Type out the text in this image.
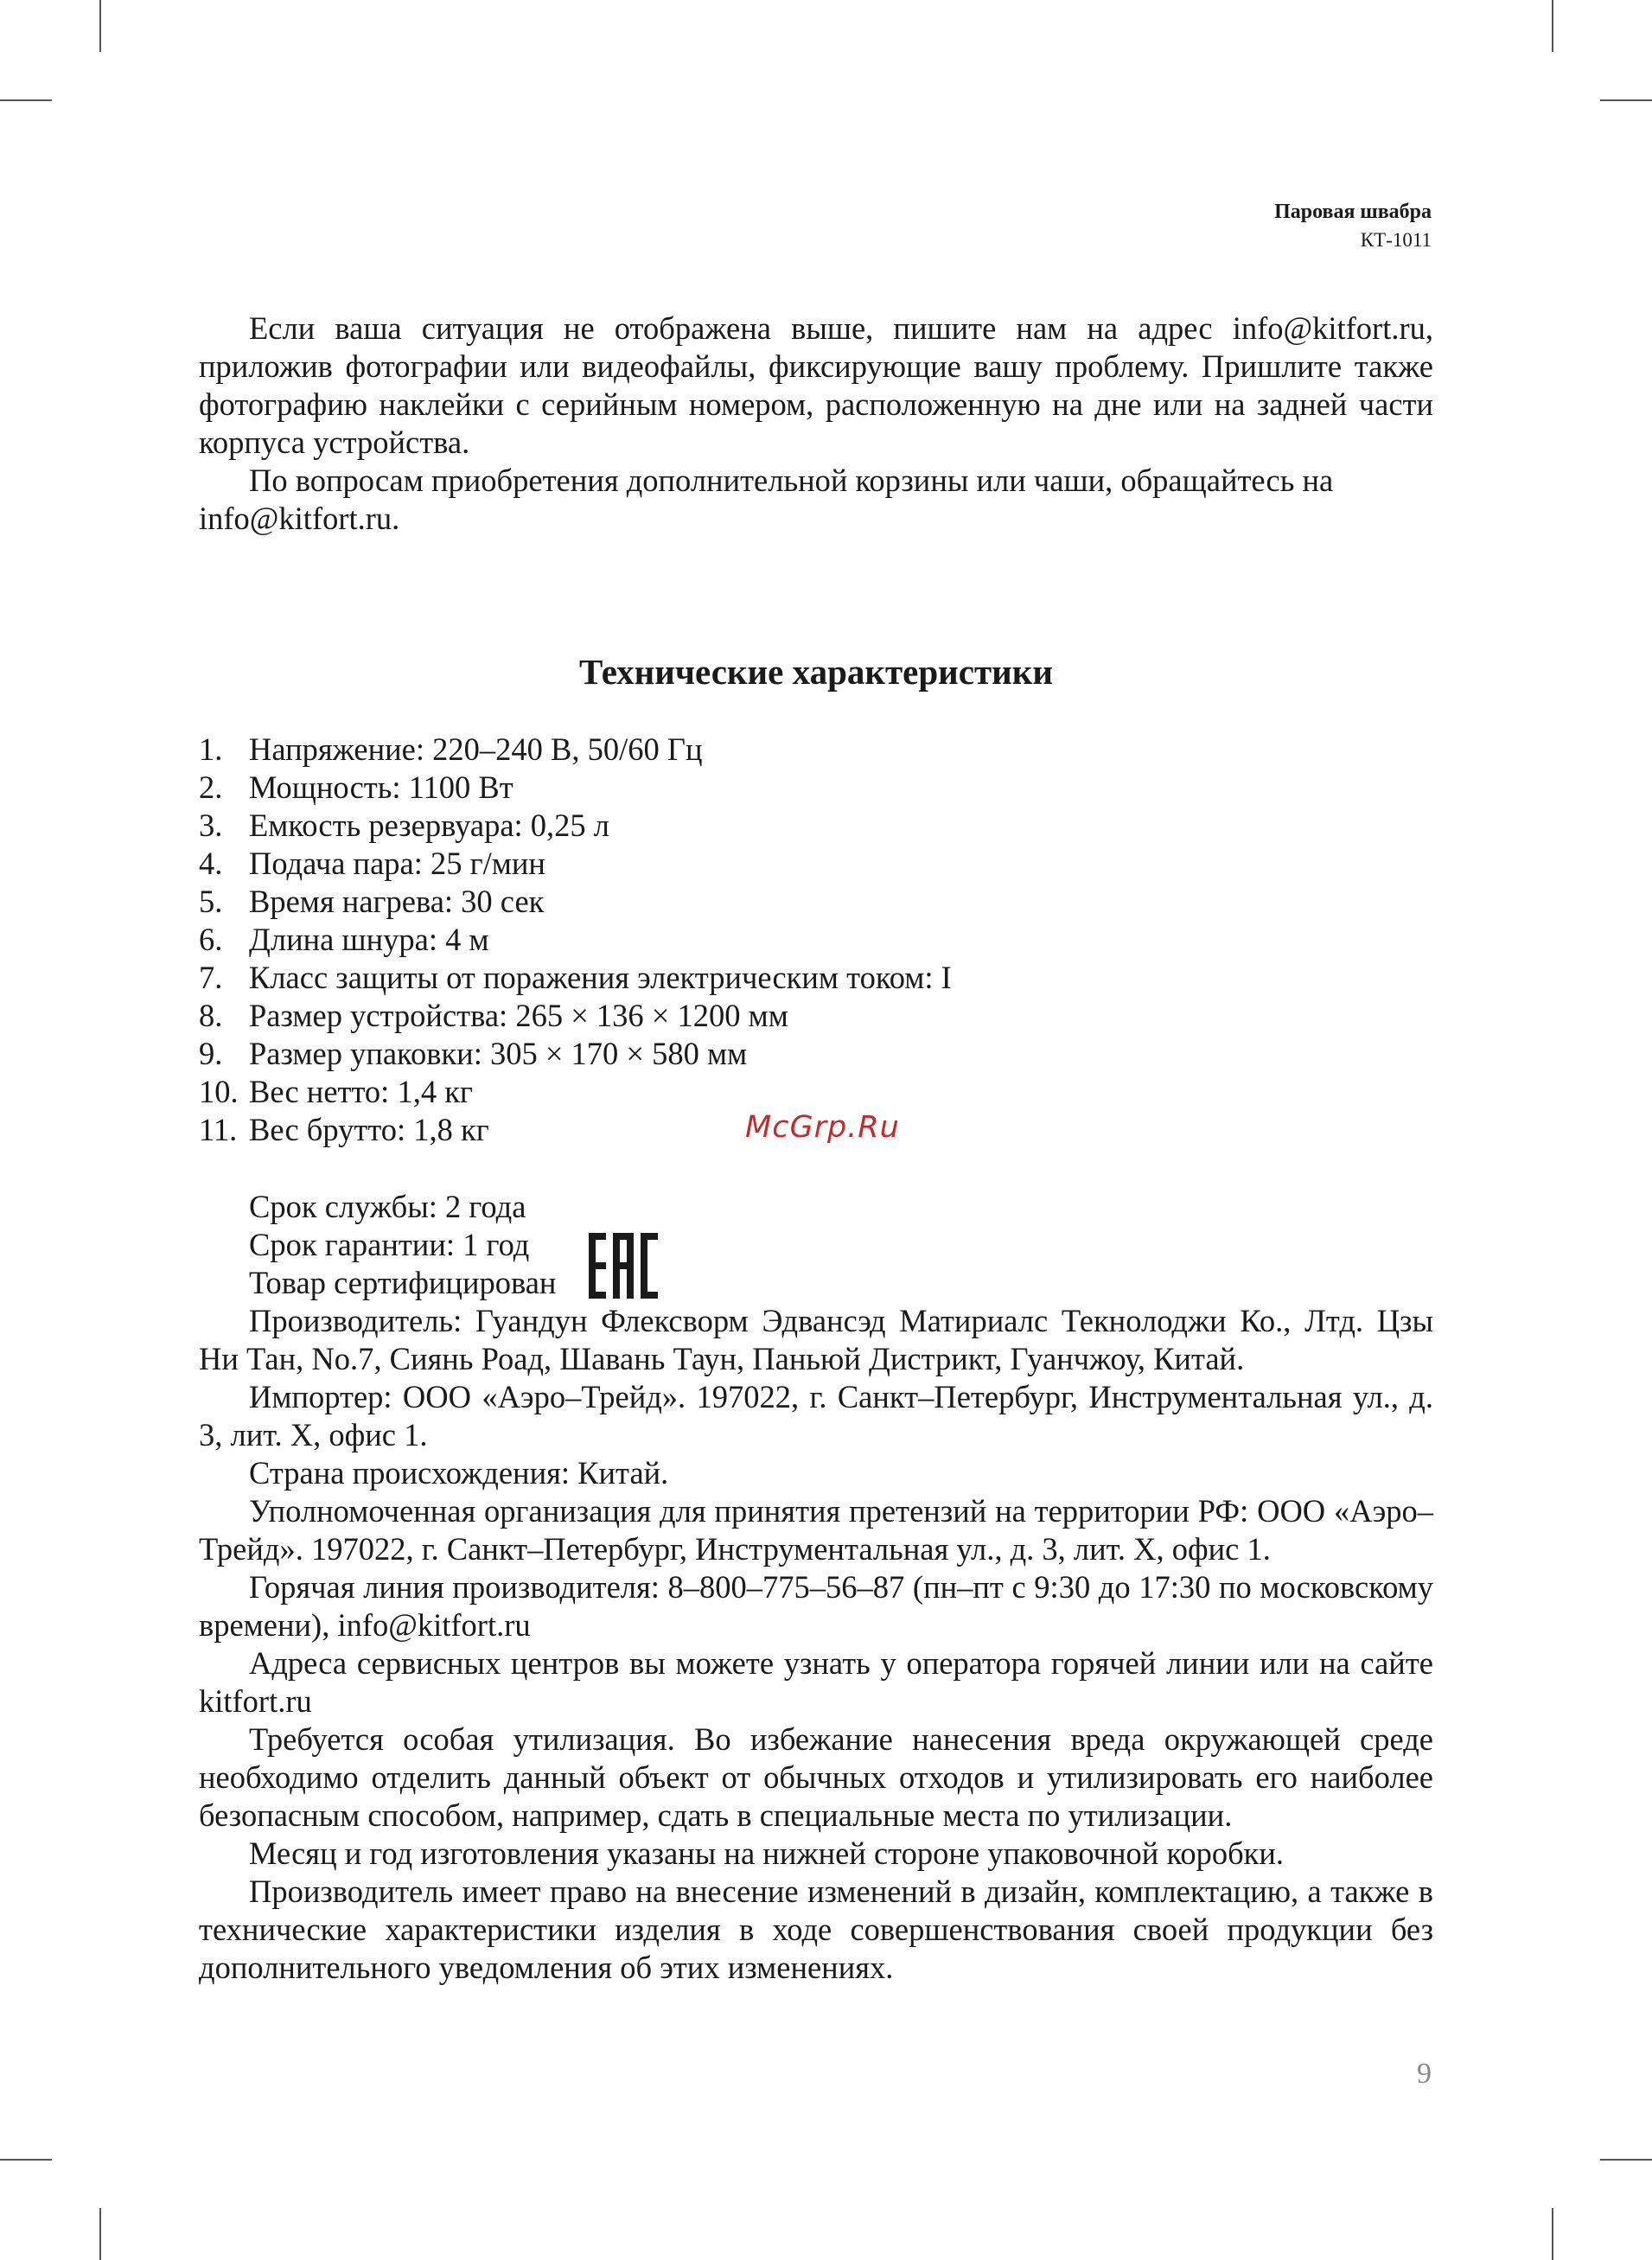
Паровая швабра
КТ-1011

Если ваша ситуация не отображена выше, пишите нам на адрес info@kitfort.ru, приложив фотографии или видеофайлы, фиксирующие вашу проблему. Пришлите также фотографию наклейки с серийным номером, расположенную на дне или на задней части корпуса устройства.

По вопросам приобретения дополнительной корзины или чаши, обращайтесь на info@kitfort.ru.

Технические характеристики
1. Напряжение: 220–240 В, 50/60 Гц
2. Мощность: 1100 Вт
3. Емкость резервуара: 0,25 л
4. Подача пара: 25 г/мин
5. Время нагрева: 30 сек
6. Длина шнура: 4 м
7. Класс защиты от поражения электрическим током: I
8. Размер устройства: 265 × 136 × 1200 мм
9. Размер упаковки: 305 × 170 × 580 мм
10. Вес нетто: 1,4 кг
11. Вес брутто: 1,8 кг	McGrp.Ru

Срок службы: 2 года

Срок гарантии: 1 год

Товар сертифицирован

Производитель: Гуандун Флексворм Эдвансэд Матириалс Текнолоджи Ко., Лтд. Цзы Ни Тан, No.7, Сиянь Роад, Шавань Таун, Паньюй Дистрикт, Гуанчжоу, Китай.

Импортер: ООО «Аэро–Трейд». 197022, г. Санкт–Петербург, Инструментальная ул., д. 3, лит. Х, офис 1.

Страна происхождения: Китай.

Уполномоченная организация для принятия претензий на территории РФ: ООО «Аэро–Трейд». 197022, г. Санкт–Петербург, Инструментальная ул., д. 3, лит. Х, офис 1.

Горячая линия производителя: 8–800–775–56–87 (пн–пт с 9:30 до 17:30 по московскому времени), info@kitfort.ru

Адреса сервисных центров вы можете узнать у оператора горячей линии или на сайте kitfort.ru

Требуется особая утилизация. Во избежание нанесения вреда окружающей среде необходимо отделить данный объект от обычных отходов и утилизировать его наиболее безопасным способом, например, сдать в специальные места по утилизации.

Месяц и год изготовления указаны на нижней стороне упаковочной коробки.

Производитель имеет право на внесение изменений в дизайн, комплектацию, а также в технические характеристики изделия в ходе совершенствования своей продукции без дополнительного уведомления об этих изменениях.

9
